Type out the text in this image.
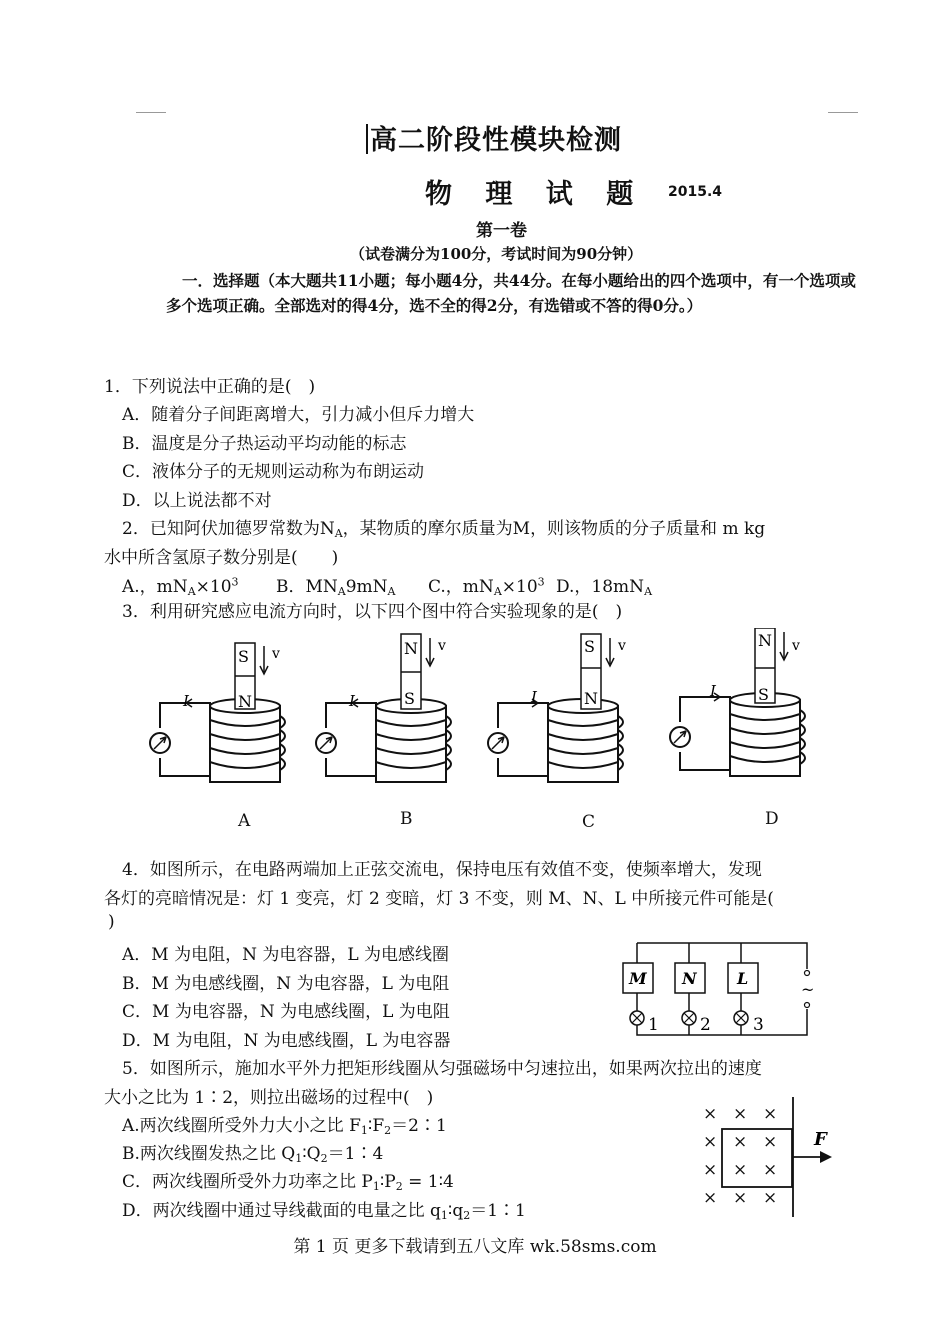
高二阶段性模块检测
物 理 试 题 2015.4
第一卷
（试卷满分为100分，考试时间为90分钟）
一．选择题（本大题共11小题；每小题4分，共44分。在每小题给出的四个选项中，有一个选项或多个选项正确。全部选对的得4分，选不全的得2分，有选错或不答的得0分。）
1．下列说法中正确的是(　)
A．随着分子间距离增大，引力减小但斥力增大
B．温度是分子热运动平均动能的标志
C．液体分子的无规则运动称为布朗运动
D．以上说法都不对
2．已知阿伏加德罗常数为$N_A$，某物质的摩尔质量为M，则该物质的分子质量和 m kg
水中所含氢原子数分别是(　　)
A.，$mN_A\times 10^3$ B．$MN_A9mN_A$ C.，$mN_A\times 10^3$ D.，$18mN_A$
3．利用研究感应电流方向时，以下四个图中符合实验现象的是(　)
S
N
v
I
N
S
v
I
S
N
v
I
N
S
v
I
A	B	C	D
4．如图所示，在电路两端加上正弦交流电，保持电压有效值不变，使频率增大，发现
各灯的亮暗情况是：灯 1 变亮，灯 2 变暗，灯 3 不变，则 M、N、L 中所接元件可能是(
)
A．M 为电阻，N 为电容器，L 为电感线圈
B．M 为电感线圈，N 为电容器，L 为电阻
C．M 为电容器，N 为电感线圈，L 为电阻
D．M 为电阻，N 为电感线圈，L 为电容器
M N	L
1 2 3
~
5．如图所示，施加水平外力把矩形线圈从匀强磁场中匀速拉出，如果两次拉出的速度
大小之比为 1∶2，则拉出磁场的过程中(　)
A.两次线圈所受外力大小之比 $F_1∶F_2=2∶1$
B.两次线圈发热之比 $Q_1∶Q_2=1∶4$
C．两次线圈所受外力功率之比 $P_1∶P_2$ = 1∶4
D．两次线圈中通过导线截面的电量之比 $q_1∶q_2=1∶1$
× × ×
× × ×
× × ×
× × ×
F
第 1 页 更多下载请到五八文库 wk.58sms.com
